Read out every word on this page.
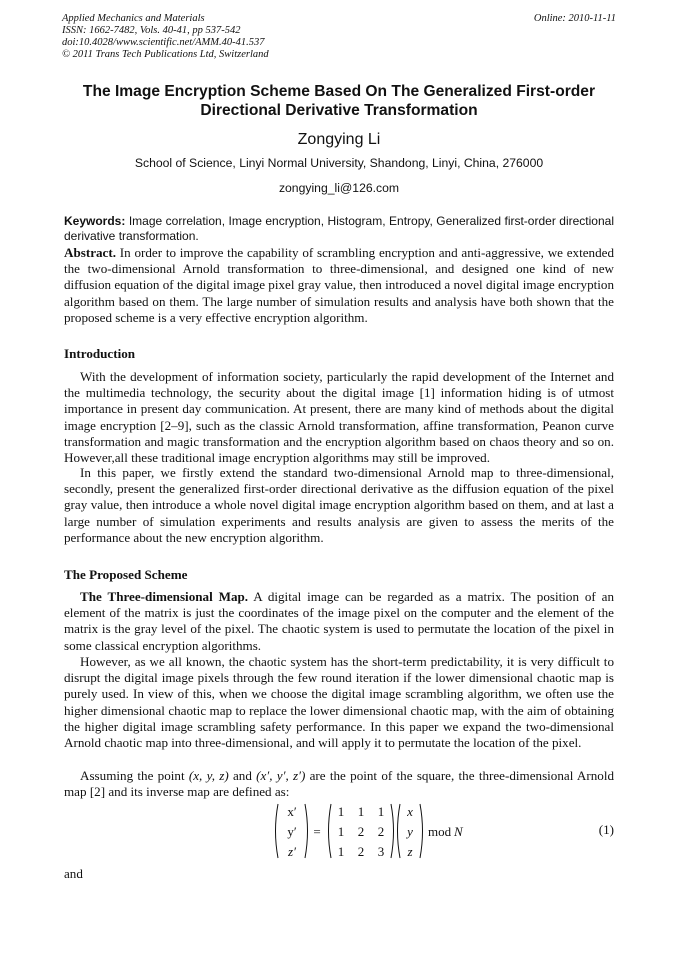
Applied Mechanics and Materials
ISSN: 1662-7482, Vols. 40-41, pp 537-542
doi:10.4028/www.scientific.net/AMM.40-41.537
© 2011 Trans Tech Publications Ltd, Switzerland
Online: 2010-11-11
The Image Encryption Scheme Based On The Generalized First-order
Directional Derivative Transformation
Zongying Li
School of Science, Linyi Normal University, Shandong, Linyi, China, 276000
zongying_li@126.com
Keywords: Image correlation, Image encryption, Histogram, Entropy, Generalized first-order directional derivative transformation.
Abstract. In order to improve the capability of scrambling encryption and anti-aggressive, we extended the two-dimensional Arnold transformation to three-dimensional, and designed one kind of new diffusion equation of the digital image pixel gray value, then introduced a novel digital image encryption algorithm based on them. The large number of simulation results and analysis have both shown that the proposed scheme is a very effective encryption algorithm.
Introduction
With the development of information society, particularly the rapid development of the Internet and the multimedia technology, the security about the digital image [1] information hiding is of utmost importance in present day communication. At present, there are many kind of methods about the digital image encryption [2–9], such as the classic Arnold transformation, affine transformation, Peanon curve transformation and magic transformation and the encryption algorithm based on chaos theory and so on. However,all these traditional image encryption algorithms may still be improved.
In this paper, we firstly extend the standard two-dimensional Arnold map to three-dimensional, secondly, present the generalized first-order directional derivative as the diffusion equation of the pixel gray value, then introduce a whole novel digital image encryption algorithm based on them, and at last a large number of simulation experiments and results analysis are given to assess the merits of the performance about the new encryption algorithm.
The Proposed Scheme
The Three-dimensional Map. A digital image can be regarded as a matrix. The position of an element of the matrix is just the coordinates of the image pixel on the computer and the element of the matrix is the gray level of the pixel. The chaotic system is used to permutate the location of the pixel in some classical encryption algorithms.
However, as we all known, the chaotic system has the short-term predictability, it is very difficult to disrupt the digital image pixels through the few round iteration if the lower dimensional chaotic map is purely used. In view of this, when we choose the digital image scrambling algorithm, we often use the higher dimensional chaotic map to replace the lower dimensional chaotic map, with the aim of obtaining the higher digital image scrambling safety performance. In this paper we expand the two-dimensional Arnold chaotic map into three-dimensional, and will apply it to permutate the location of the pixel.
Assuming the point (x, y, z) and (x′, y′, z′) are the point of the square, the three-dimensional Arnold map [2] and its inverse map are defined as:
x′
y′
z′
=
1 1 1
1 2 2
1 2 3
x
y
z
mod N	(1)
and
